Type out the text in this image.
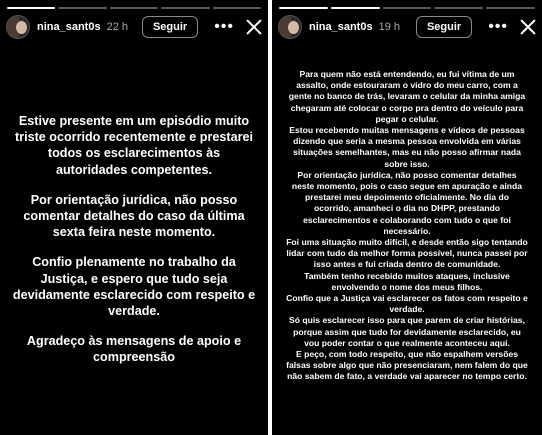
nina_sant0s 22 h	Seguir	•••

Estive presente em um episódio muito triste ocorrido recentemente e prestarei todos os esclarecimentos às autoridades competentes.

Por orientação jurídica, não posso comentar detalhes do caso da última sexta feira neste momento.

Confio plenamente no trabalho da Justiça, e espero que tudo seja devidamente esclarecido com respeito e verdade.

Agradeço às mensagens de apoio e compreensão

nina_sant0s 19 h	Seguir	•••

Para quem não está entendendo, eu fui vítima de um assalto, onde estouraram o vidro do meu carro, com a gente no banco de trás, levaram o celular da minha amiga chegaram até colocar o corpo pra dentro do veículo para pegar o celular.

Estou recebendo muitas mensagens e vídeos de pessoas dizendo que seria a mesma pessoa envolvida em várias situações semelhantes, mas eu não posso afirmar nada sobre isso.

Por orientação jurídica, não posso comentar detalhes neste momento, pois o caso segue em apuração e ainda prestarei meu depoimento oficialmente. No dia do ocorrido, amanheci o dia no DHPP, prestando esclarecimentos e colaborando com tudo o que foi necessário.

Foi uma situação muito difícil, e desde então sigo tentando lidar com tudo da melhor forma possível, nunca passei por isso antes e fui criada dentro de comunidade.

Também tenho recebido muitos ataques, inclusive envolvendo o nome dos meus filhos.

Confio que a Justiça vai esclarecer os fatos com respeito e verdade.

Só quis esclarecer isso para que parem de criar histórias, porque assim que tudo for devidamente esclarecido, eu vou poder contar o que realmente aconteceu aqui.

E peço, com todo respeito, que não espalhem versões falsas sobre algo que não presenciaram, nem falem do que não sabem de fato, a verdade vai aparecer no tempo certo.
